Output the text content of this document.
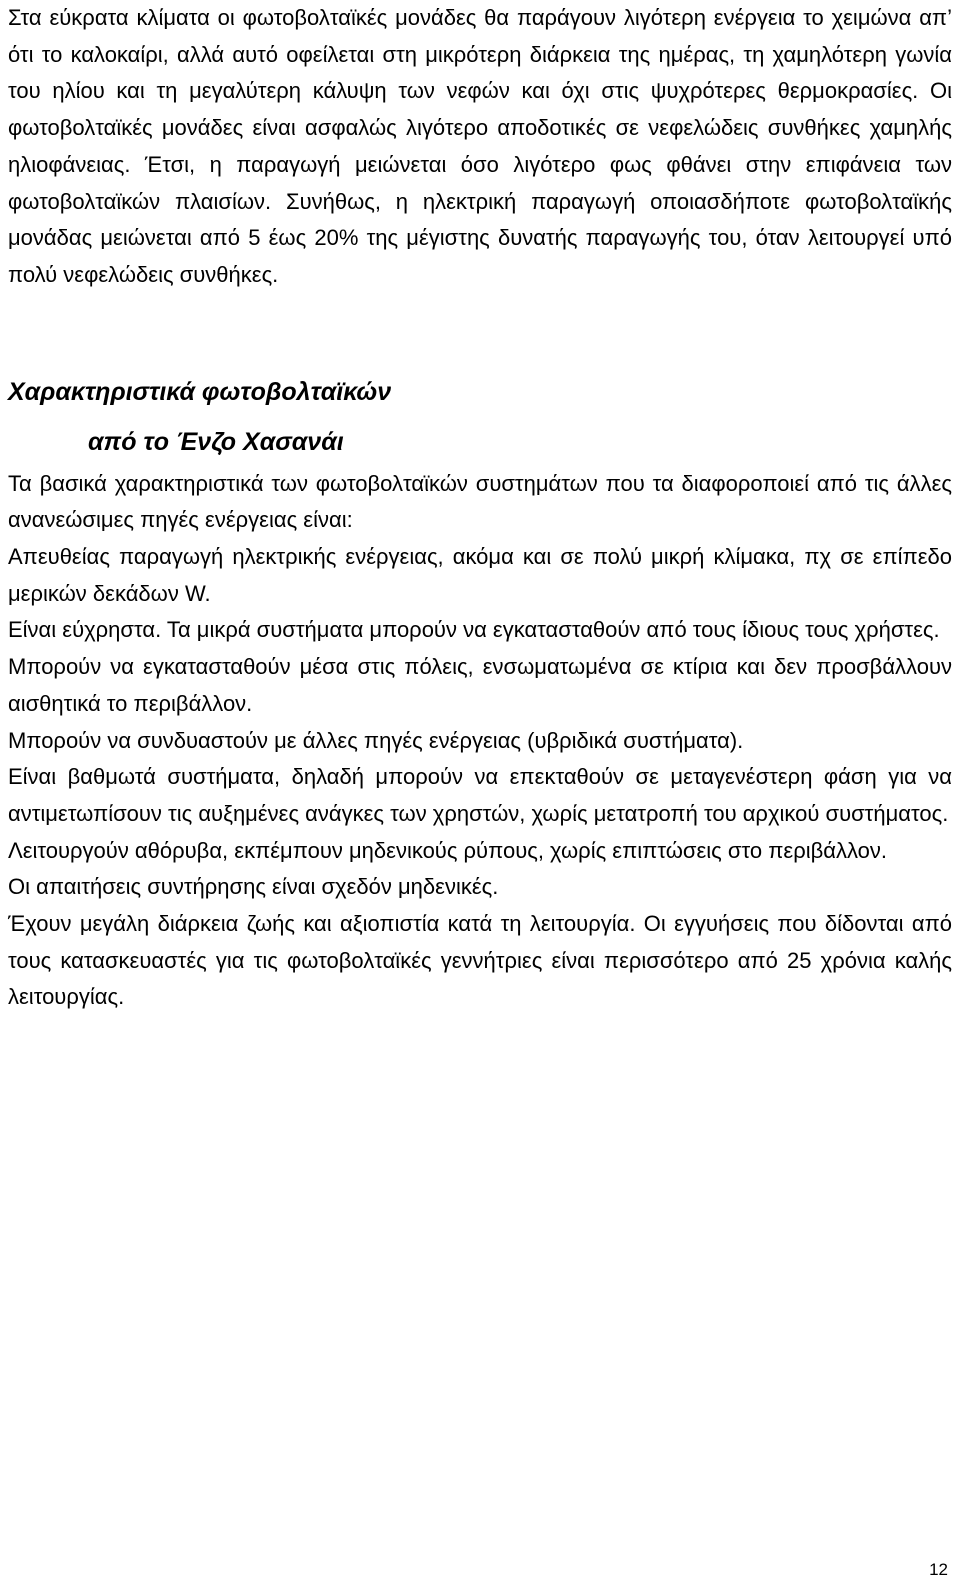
Στα εύκρατα κλίματα οι φωτοβολταϊκές μονάδες θα παράγουν λιγότερη ενέργεια το χειμώνα απ’ ότι το καλοκαίρι, αλλά αυτό οφείλεται στη μικρότερη διάρκεια της ημέρας, τη χαμηλότερη γωνία του ηλίου και τη μεγαλύτερη κάλυψη των νεφών και όχι στις ψυχρότερες θερμοκρασίες. Οι φωτοβολταϊκές μονάδες είναι ασφαλώς λιγότερο αποδοτικές σε νεφελώδεις συνθήκες χαμηλής ηλιοφάνειας. Έτσι, η παραγωγή μειώνεται όσο λιγότερο φως φθάνει στην επιφάνεια των φωτοβολταϊκών πλαισίων. Συνήθως, η ηλεκτρική παραγωγή οποιασδήποτε φωτοβολταϊκής μονάδας μειώνεται από 5 έως 20% της μέγιστης δυνατής παραγωγής του, όταν λειτουργεί υπό πολύ νεφελώδεις συνθήκες.

Χαρακτηριστικά φωτοβολταϊκών
από το Ένζο Χασανάι

Τα βασικά χαρακτηριστικά των φωτοβολταϊκών συστημάτων που τα διαφοροποιεί από τις άλλες ανανεώσιμες πηγές ενέργειας είναι:

Απευθείας παραγωγή ηλεκτρικής ενέργειας, ακόμα και σε πολύ μικρή κλίμακα, πχ σε επίπεδο μερικών δεκάδων W.

Είναι εύχρηστα. Τα μικρά συστήματα μπορούν να εγκατασταθούν από τους ίδιους τους χρήστες.

Μπορούν να εγκατασταθούν μέσα στις πόλεις, ενσωματωμένα σε κτίρια και δεν προσβάλλουν αισθητικά το περιβάλλον.

Μπορούν να συνδυαστούν με άλλες πηγές ενέργειας (υβριδικά συστήματα).

Είναι βαθμωτά συστήματα, δηλαδή μπορούν να επεκταθούν σε μεταγενέστερη φάση για να αντιμετωπίσουν τις αυξημένες ανάγκες των χρηστών, χωρίς μετατροπή του αρχικού συστήματος.

Λειτουργούν αθόρυβα, εκπέμπουν μηδενικούς ρύπους, χωρίς επιπτώσεις στο περιβάλλον.

Οι απαιτήσεις συντήρησης είναι σχεδόν μηδενικές.

Έχουν μεγάλη διάρκεια ζωής και αξιοπιστία κατά τη λειτουργία. Οι εγγυήσεις που δίδονται από τους κατασκευαστές για τις φωτοβολταϊκές γεννήτριες είναι περισσότερο από 25 χρόνια καλής λειτουργίας.

12
